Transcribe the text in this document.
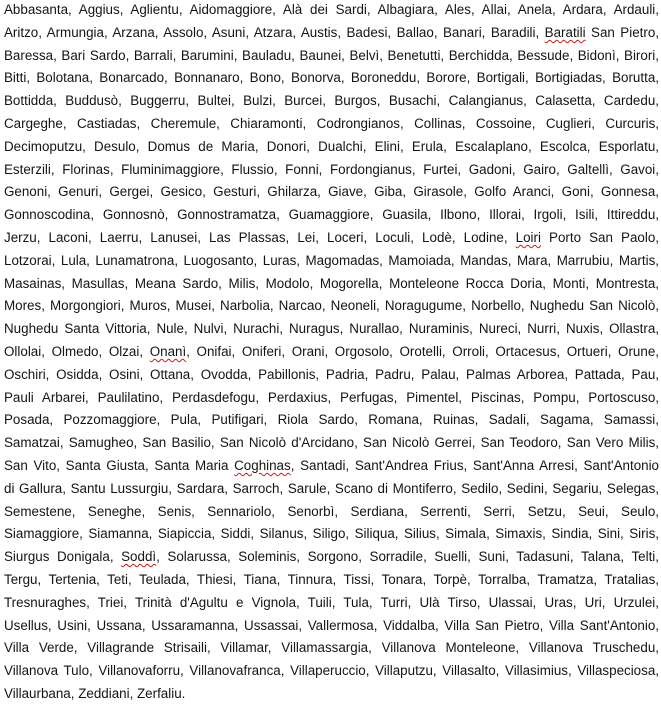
Abbasanta, Aggius, Aglientu, Aidomaggiore, Alà dei Sardi, Albagiara, Ales, Allai, Anela, Ardara, Ardauli,
Aritzo, Armungia, Arzana, Assolo, Asuni, Atzara, Austis, Badesi, Ballao, Banari, Baradili, Baratili San Pietro,
Baressa, Bari Sardo, Barrali, Barumini, Bauladu, Baunei, Belvì, Benetutti, Berchidda, Bessude, Bidonì, Birori,
Bitti, Bolotana, Bonarcado, Bonnanaro, Bono, Bonorva, Boroneddu, Borore, Bortigali, Bortigiadas, Borutta,
Bottidda, Buddusò, Buggerru, Bultei, Bulzi, Burcei, Burgos, Busachi, Calangianus, Calasetta, Cardedu,
Cargeghe, Castiadas, Cheremule, Chiaramonti, Codrongianos, Collinas, Cossoine, Cuglieri, Curcuris,
Decimoputzu, Desulo, Domus de Maria, Donori, Dualchi, Elini, Erula, Escalaplano, Escolca, Esporlatu,
Esterzili, Florinas, Fluminimaggiore, Flussio, Fonni, Fordongianus, Furtei, Gadoni, Gairo, Galtellì, Gavoi,
Genoni, Genuri, Gergei, Gesico, Gesturi, Ghilarza, Giave, Giba, Girasole, Golfo Aranci, Goni, Gonnesa,
Gonnoscodina, Gonnosnò, Gonnostramatza, Guamaggiore, Guasila, Ilbono, Illorai, Irgoli, Isili, Ittireddu,
Jerzu, Laconi, Laerru, Lanusei, Las Plassas, Lei, Loceri, Loculi, Lodè, Lodine, Loiri Porto San Paolo,
Lotzorai, Lula, Lunamatrona, Luogosanto, Luras, Magomadas, Mamoiada, Mandas, Mara, Marrubiu, Martis,
Masainas, Masullas, Meana Sardo, Milis, Modolo, Mogorella, Monteleone Rocca Doria, Monti, Montresta,
Mores, Morgongiori, Muros, Musei, Narbolia, Narcao, Neoneli, Noragugume, Norbello, Nughedu San Nicolò,
Nughedu Santa Vittoria, Nule, Nulvi, Nurachi, Nuragus, Nurallao, Nuraminis, Nureci, Nurri, Nuxis, Ollastra,
Ollolai, Olmedo, Olzai, Onanì, Onifai, Oniferi, Orani, Orgosolo, Orotelli, Orroli, Ortacesus, Ortueri, Orune,
Oschiri, Osidda, Osini, Ottana, Ovodda, Pabillonis, Padria, Padru, Palau, Palmas Arborea, Pattada, Pau,
Pauli Arbarei, Paulilatino, Perdasdefogu, Perdaxius, Perfugas, Pimentel, Piscinas, Pompu, Portoscuso,
Posada, Pozzomaggiore, Pula, Putifigari, Riola Sardo, Romana, Ruinas, Sadali, Sagama, Samassi,
Samatzai, Samugheo, San Basilio, San Nicolò d'Arcidano, San Nicolò Gerrei, San Teodoro, San Vero Milis,
San Vito, Santa Giusta, Santa Maria Coghinas, Santadi, Sant'Andrea Frius, Sant'Anna Arresi, Sant'Antonio
di Gallura, Santu Lussurgiu, Sardara, Sarroch, Sarule, Scano di Montiferro, Sedilo, Sedini, Segariu, Selegas,
Semestene, Seneghe, Senis, Sennariolo, Senorbì, Serdiana, Serrenti, Serri, Setzu, Seui, Seulo,
Siamaggiore, Siamanna, Siapiccia, Siddi, Silanus, Siligo, Siliqua, Silius, Simala, Simaxis, Sindia, Sini, Siris,
Siurgus Donigala, Soddì, Solarussa, Soleminis, Sorgono, Sorradile, Suelli, Suni, Tadasuni, Talana, Telti,
Tergu, Tertenia, Teti, Teulada, Thiesi, Tiana, Tinnura, Tissi, Tonara, Torpè, Torralba, Tramatza, Tratalias,
Tresnuraghes, Triei, Trinità d'Agultu e Vignola, Tuili, Tula, Turri, Ulà Tirso, Ulassai, Uras, Uri, Urzulei,
Usellus, Usini, Ussana, Ussaramanna, Ussassai, Vallermosa, Viddalba, Villa San Pietro, Villa Sant'Antonio,
Villa Verde, Villagrande Strisaili, Villamar, Villamassargia, Villanova Monteleone, Villanova Truschedu,
Villanova Tulo, Villanovaforru, Villanovafranca, Villaperuccio, Villaputzu, Villasalto, Villasimius, Villaspeciosa,
Villaurbana, Zeddiani, Zerfaliu.
